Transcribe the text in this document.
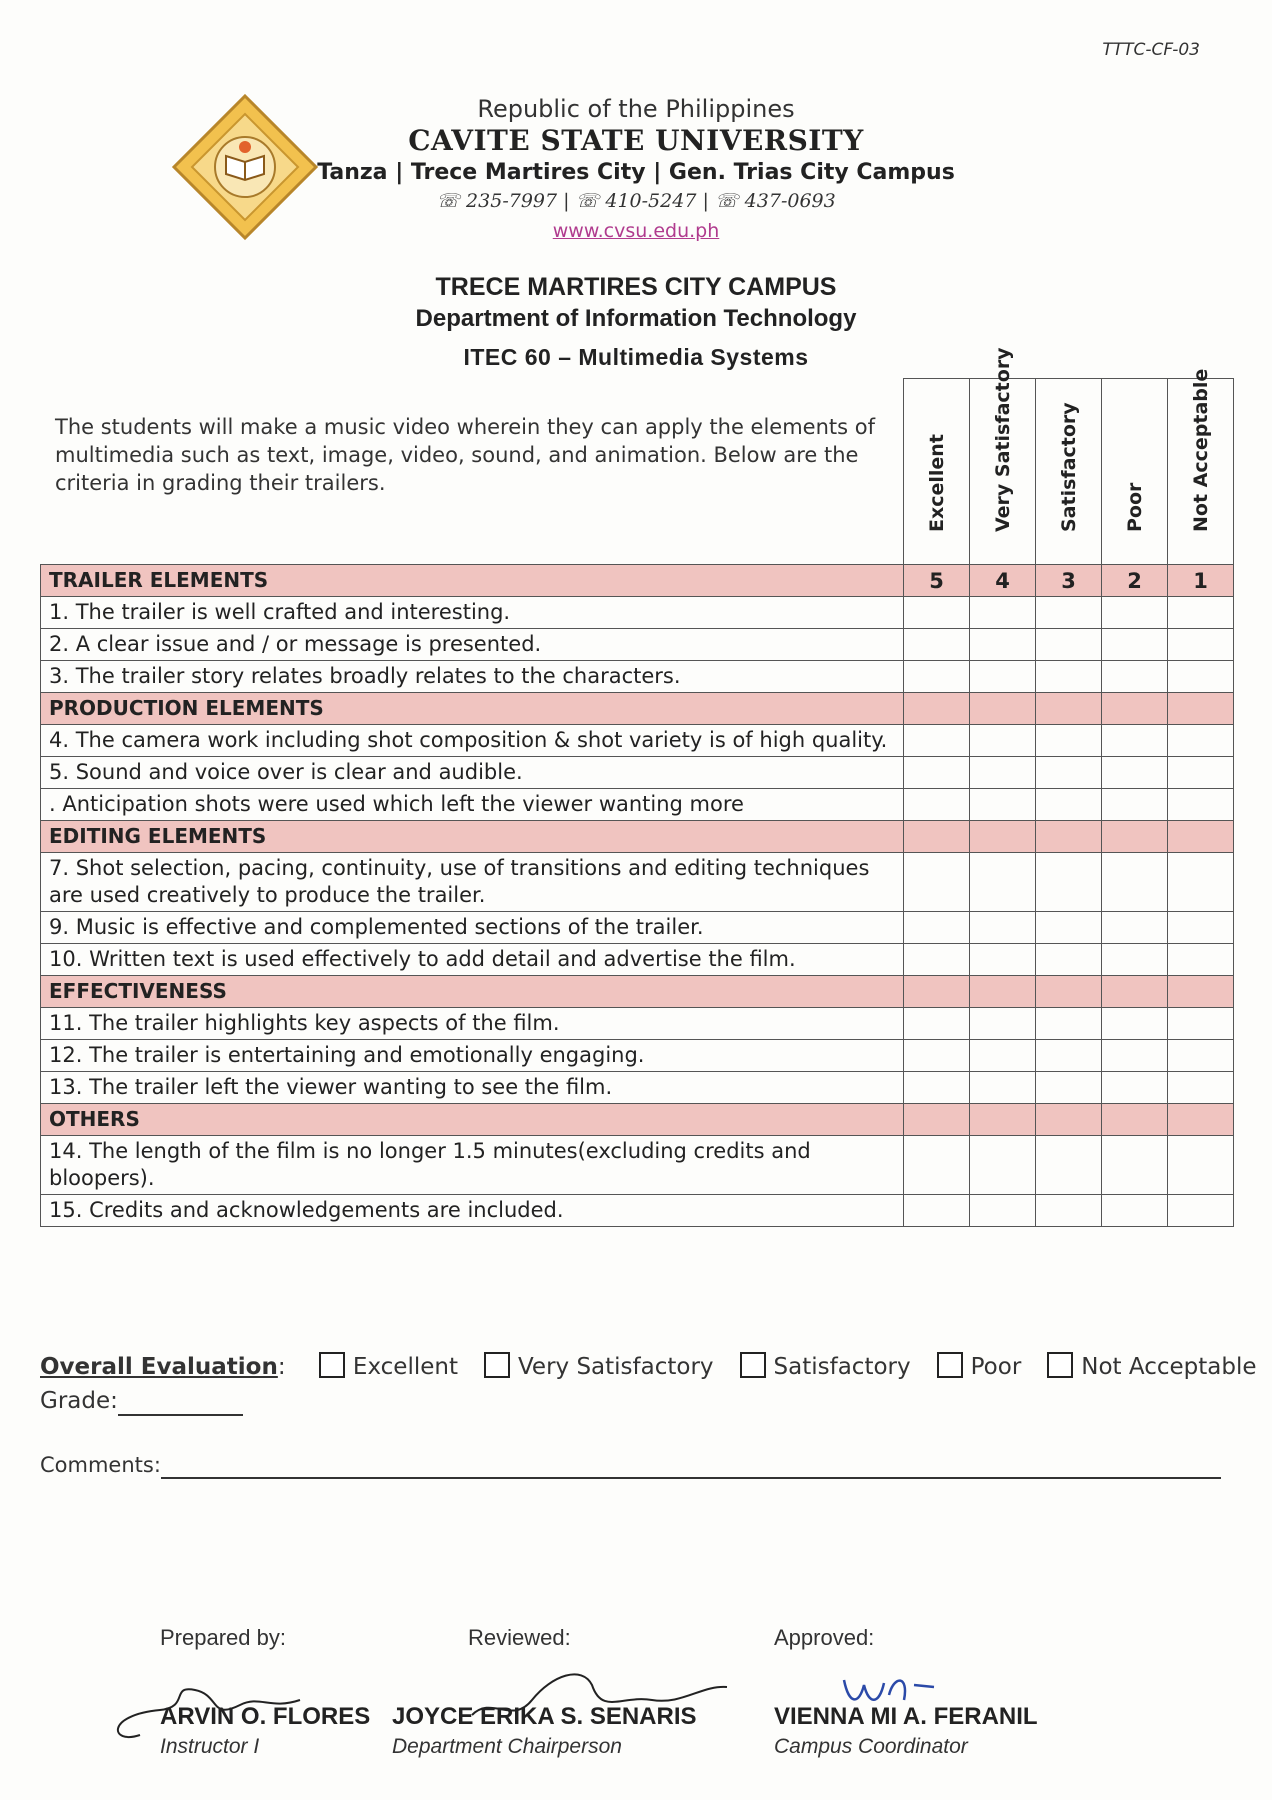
TTTC-CF-03
Republic of the Philippines
CAVITE STATE UNIVERSITY
Tanza | Trece Martires City | Gen. Trias City Campus
☏ 235-7997 | ☏ 410-5247 | ☏ 437-0693
www.cvsu.edu.ph
TRECE MARTIRES CITY CAMPUS
Department of Information Technology
ITEC 60 – Multimedia Systems

	Excellent	Very Satisfactory	Satisfactory	Poor	Not Acceptable

TRAILER ELEMENTS	5	4	3	2	1
1. The trailer is well crafted and interesting.					
2. A clear issue and / or message is presented.					
3. The trailer story relates broadly relates to the characters.					
PRODUCTION ELEMENTS					
4. The camera work including shot composition & shot variety is of high quality.					
5. Sound and voice over is clear and audible.					
. Anticipation shots were used which left the viewer wanting more					
EDITING ELEMENTS					
7. Shot selection, pacing, continuity, use of transitions and editing techniques are used creatively to produce the trailer.					
9. Music is effective and complemented sections of the trailer.					
10. Written text is used effectively to add detail and advertise the film.					
EFFECTIVENESS					
11. The trailer highlights key aspects of the film.					
12. The trailer is entertaining and emotionally engaging.					
13. The trailer left the viewer wanting to see the film.					
OTHERS					
14. The length of the film is no longer 1.5 minutes(excluding credits and bloopers).					
15. Credits and acknowledgements are included.					
The students will make a music video wherein they can apply the elements of multimedia such as text, image, video, sound, and animation. Below are the criteria in grading their trailers.
Overall Evaluation:	Excellent	Very Satisfactory	Satisfactory	Poor	Not Acceptable
Grade:
Comments:
Prepared by:
ARVIN O. FLORES
Instructor I
Reviewed:
JOYCE ERIKA S. SENARIS
Department Chairperson
Approved:
VIENNA MI A. FERANIL
Campus Coordinator
